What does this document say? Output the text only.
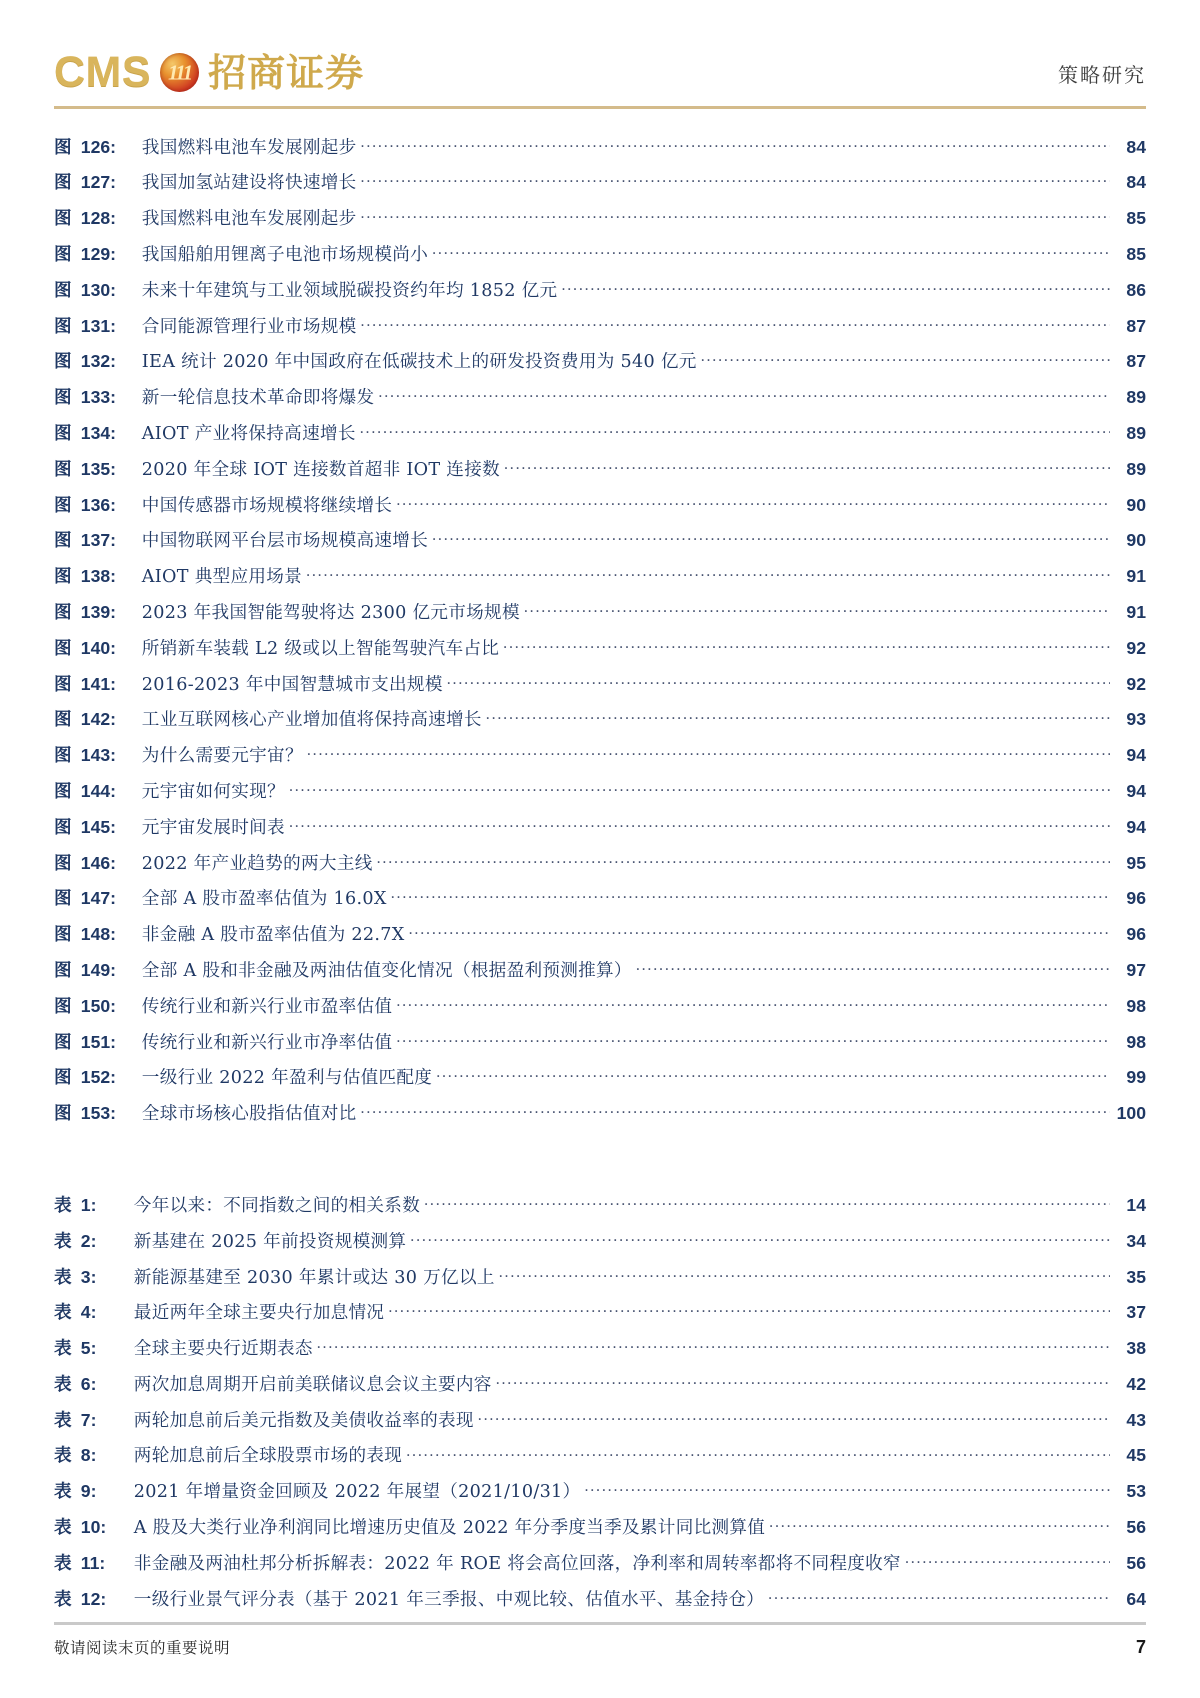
CMS 111 招商证券	策略研究
图 126:	我国燃料电池车发展刚起步 .....	84
图 127:	我国加氢站建设将快速增长 .....	84
图 128:	我国燃料电池车发展刚起步 .....	85
图 129:	我国船舶用锂离子电池市场规模尚小 .....	85
图 130:	未来十年建筑与工业领域脱碳投资约年均 1852 亿元 .....	86
图 131:	合同能源管理行业市场规模 .....	87
图 132:	IEA 统计 2020 年中国政府在低碳技术上的研发投资费用为 540 亿元 .....	87
图 133:	新一轮信息技术革命即将爆发 .....	89
图 134:	AIOT 产业将保持高速增长 .....	89
图 135:	2020 年全球 IOT 连接数首超非 IOT 连接数 .....	89
图 136:	中国传感器市场规模将继续增长 .....	90
图 137:	中国物联网平台层市场规模高速增长 .....	90
图 138:	AIOT 典型应用场景 .....	91
图 139:	2023 年我国智能驾驶将达 2300 亿元市场规模 .....	91
图 140:	所销新车装载 L2 级或以上智能驾驶汽车占比 .....	92
图 141:	2016-2023 年中国智慧城市支出规模 .....	92
图 142:	工业互联网核心产业增加值将保持高速增长 .....	93
图 143:	为什么需要元宇宙？ .....	94
图 144:	元宇宙如何实现？ .....	94
图 145:	元宇宙发展时间表 .....	94
图 146:	2022 年产业趋势的两大主线 .....	95
图 147:	全部 A 股市盈率估值为 16.0X .....	96
图 148:	非金融 A 股市盈率估值为 22.7X .....	96
图 149:	全部 A 股和非金融及两油估值变化情况（根据盈利预测推算） .....	97
图 150:	传统行业和新兴行业市盈率估值 .....	98
图 151:	传统行业和新兴行业市净率估值 .....	98
图 152:	一级行业 2022 年盈利与估值匹配度 .....	99
图 153:	全球市场核心股指估值对比 .....	100
表 1:	今年以来：不同指数之间的相关系数 .....	14
表 2:	新基建在 2025 年前投资规模测算 .....	34
表 3:	新能源基建至 2030 年累计或达 30 万亿以上 .....	35
表 4:	最近两年全球主要央行加息情况 .....	37
表 5:	全球主要央行近期表态 .....	38
表 6:	两次加息周期开启前美联储议息会议主要内容 .....	42
表 7:	两轮加息前后美元指数及美债收益率的表现 .....	43
表 8:	两轮加息前后全球股票市场的表现 .....	45
表 9:	2021 年增量资金回顾及 2022 年展望（2021/10/31） .....	53
表 10:	A 股及大类行业净利润同比增速历史值及 2022 年分季度当季及累计同比测算值 .....	56
表 11:	非金融及两油杜邦分析拆解表：2022 年 ROE 将会高位回落，净利率和周转率都将不同程度收窄 .....	56
表 12:	一级行业景气评分表（基于 2021 年三季报、中观比较、估值水平、基金持仓） .....	64
敬请阅读末页的重要说明	7
